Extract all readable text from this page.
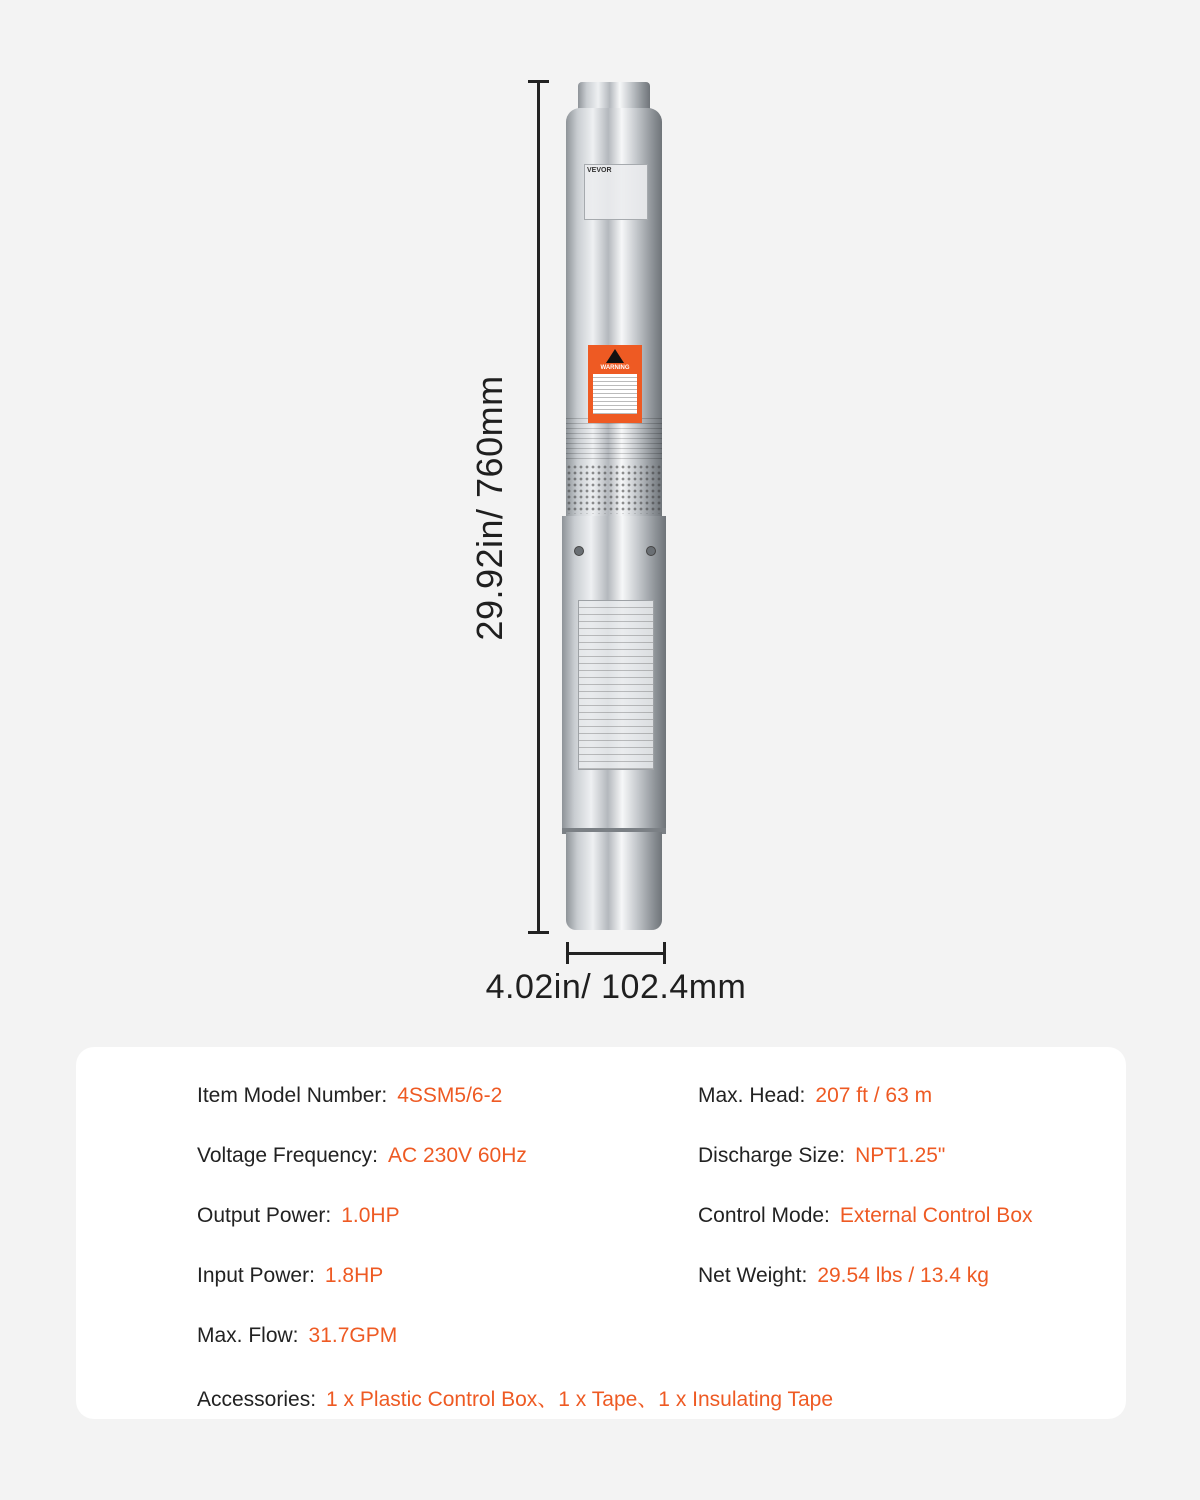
29.92in/ 760mm
VEVOR
WARNING
4.02in/ 102.4mm
Item Model Number: 4SSM5/6-2
Voltage Frequency: AC 230V 60Hz
Output Power: 1.0HP
Input Power: 1.8HP
Max. Flow: 31.7GPM
Accessories: 1 x Plastic Control Box、1 x Tape、1 x Insulating Tape
Max. Head: 207 ft / 63 m
Discharge Size: NPT1.25"
Control Mode: External Control Box
Net Weight: 29.54 lbs / 13.4 kg
